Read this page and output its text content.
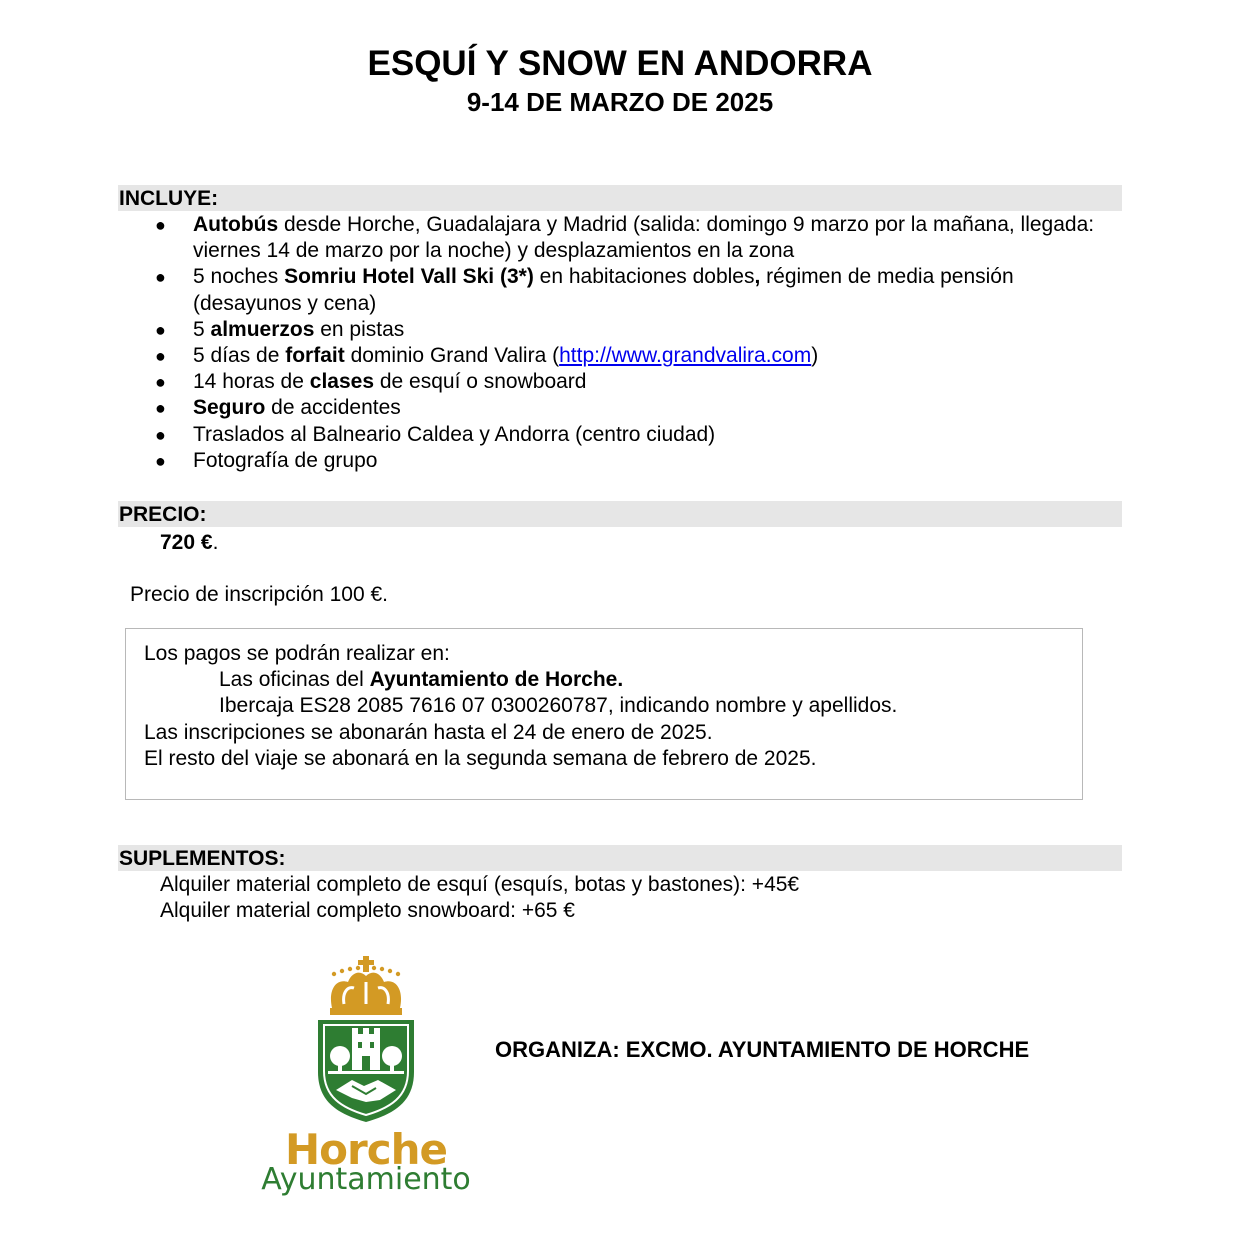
ESQUÍ Y SNOW EN ANDORRA
9-14 DE MARZO DE 2025
INCLUYE:
● Autobús desde Horche, Guadalajara y Madrid (salida: domingo 9 marzo por la mañana, llegada: viernes 14 de marzo por la noche) y desplazamientos en la zona
● 5 noches Somriu Hotel Vall Ski (3*) en habitaciones dobles, régimen de media pensión (desayunos y cena)
● 5 almuerzos en pistas
● 5 días de forfait dominio Grand Valira (http://www.grandvalira.com)
● 14 horas de clases de esquí o snowboard
● Seguro de accidentes
● Traslados al Balneario Caldea y Andorra (centro ciudad)
● Fotografía de grupo
PRECIO:
720 €.
Precio de inscripción 100 €.
Los pagos se podrán realizar en:
Las oficinas del Ayuntamiento de Horche.
Ibercaja ES28 2085 7616 07 0300260787, indicando nombre y apellidos.
Las inscripciones se abonarán hasta el 24 de enero de 2025.
El resto del viaje se abonará en la segunda semana de febrero de 2025.
SUPLEMENTOS:
Alquiler material completo de esquí (esquís, botas y bastones): +45€
Alquiler material completo snowboard: +65 €
Horche
Ayuntamiento
ORGANIZA: EXCMO. AYUNTAMIENTO DE HORCHE
